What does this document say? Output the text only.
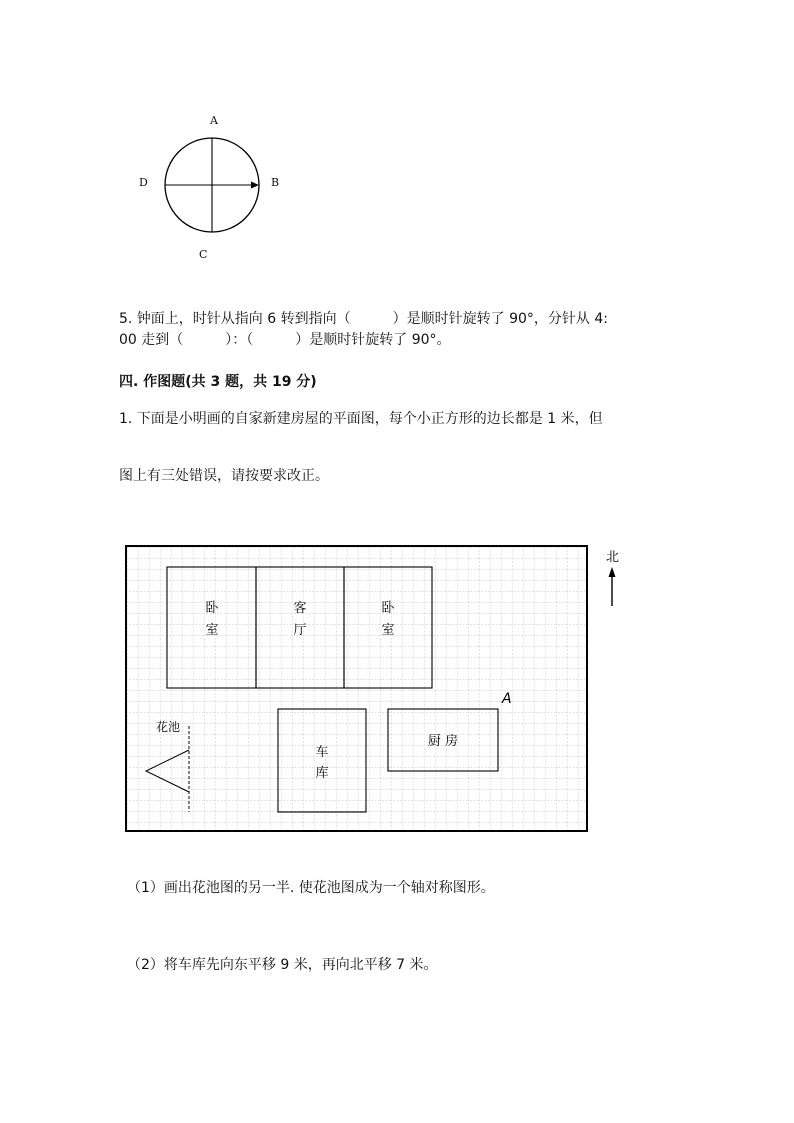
A
B
C
D
5. 钟面上，时针从指向 6 转到指向（　　　）是顺时针旋转了 90°，分针从 4:
00 走到（　　　）：（　　　）是顺时针旋转了 90°。
四. 作图题(共 3 题，共 19 分)
1. 下面是小明画的自家新建房屋的平面图，每个小正方形的边长都是 1 米，但
图上有三处错误，请按要求改正。
卧
室
客
厅
卧
室
车
库
厨 房
A
花池
北
（1）画出花池图的另一半. 使花池图成为一个轴对称图形。
（2）将车库先向东平移 9 米，再向北平移 7 米。
